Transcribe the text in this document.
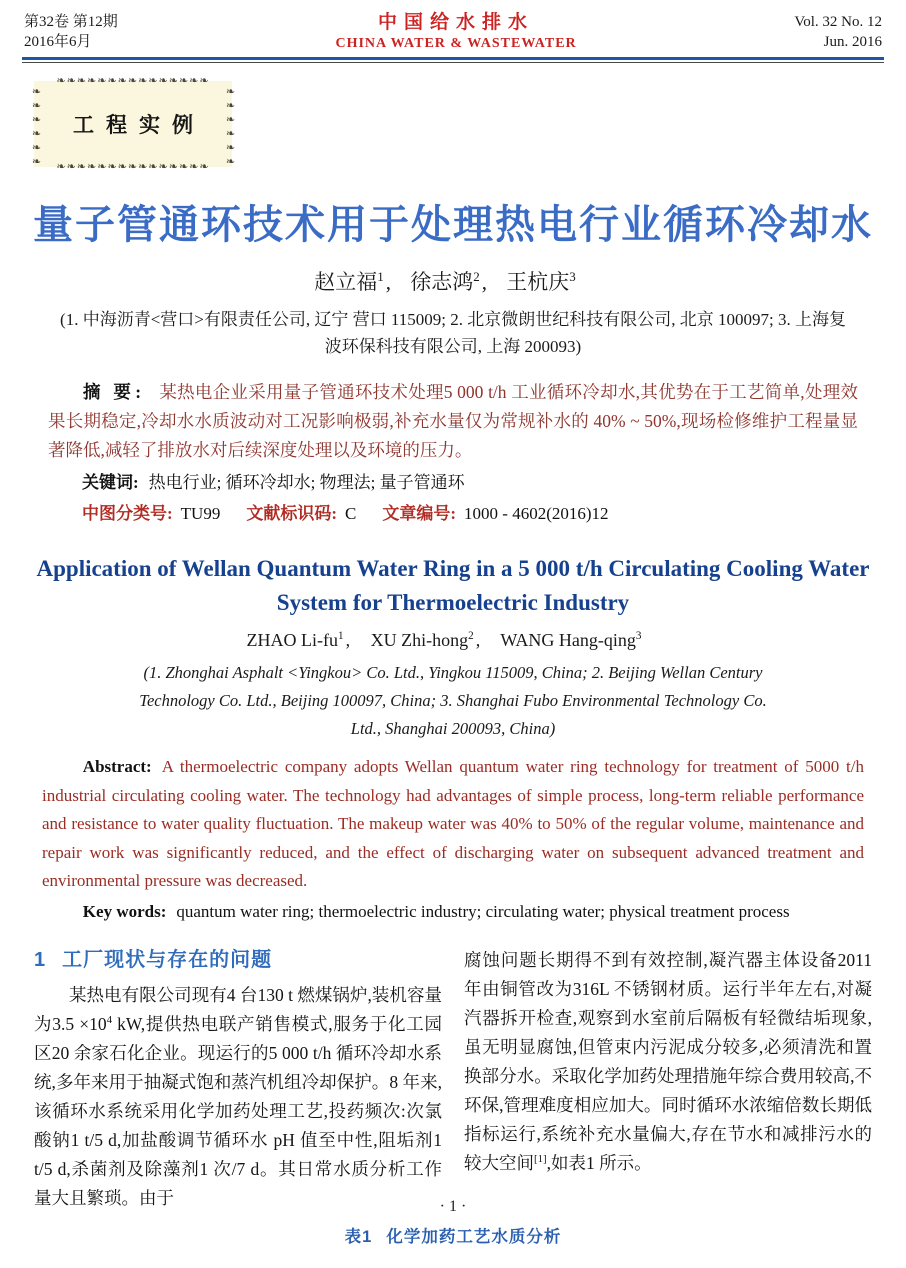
第32卷 第12期
2016年6月
中国给水排水
CHINA WATER & WASTEWATER
Vol. 32 No. 12
Jun. 2016
❧❧❧❧❧❧❧❧❧❧❧❧❧❧❧
❧❧❧❧❧❧❧❧❧❧❧❧❧❧❧
❧❧❧❧❧❧
❧❧❧❧❧❧
工程实例
量子管通环技术用于处理热电行业循环冷却水
赵立福$^1$, 徐志鸿$^2$, 王杭庆$^3$
(1. 中海沥青<营口>有限责任公司, 辽宁 营口 115009; 2. 北京微朗世纪科技有限公司, 北京 100097; 3. 上海复波环保科技有限公司, 上海 200093)

摘 要: 某热电企业采用量子管通环技术处理5 000 t/h 工业循环冷却水,其优势在于工艺简单,处理效果长期稳定,冷却水水质波动对工况影响极弱,补充水量仅为常规补水的 40% ~ 50%,现场检修维护工程量显著降低,减轻了排放水对后续深度处理以及环境的压力。

关键词: 热电行业; 循环冷却水; 物理法; 量子管通环

中图分类号: TU99 文献标识码: C 文章编号: 1000 - 4602(2016)12

Application of Wellan Quantum Water Ring in a 5 000 t/h Circulating Cooling Water System for Thermoelectric Industry
ZHAO $Li-fu^1$ , XU Zhi-hong$^2$ , WANG Hang-qing$^3$
(1. Zhonghai Asphalt <Yingkou> Co. Ltd., Yingkou 115009, China; 2. Beijing Wellan Century Technology Co. Ltd., Beijing 100097, China; 3. Shanghai Fubo Environmental Technology Co. Ltd., Shanghai 200093, China)

Abstract: A thermoelectric company adopts Wellan quantum water ring technology for treatment of 5000 t/h industrial circulating cooling water. The technology had advantages of simple process, long-term reliable performance and resistance to water quality fluctuation. The makeup water was 40% to 50% of the regular volume, maintenance and repair work was significantly reduced, and the effect of discharging water on subsequent advanced treatment and environmental pressure was decreased.

Key words: quantum water ring; thermoelectric industry; circulating water; physical treatment process

1 工厂现状与存在的问题

某热电有限公司现有4 台130 t 燃煤锅炉,装机容量为$3.5 \times 10^4$ kW,提供热电联产销售模式,服务于化工园区20 余家石化企业。现运行的5 000 t/h 循环冷却水系统,多年来用于抽凝式饱和蒸汽机组冷却保护。8 年来,该循环水系统采用化学加药处理工艺,投药频次:次氯酸钠1 t/5 d,加盐酸调节循环水 pH 值至中性,阻垢剂1 t/5 d,杀菌剂及除藻剂1 次/7 d。其日常水质分析工作量大且繁琐。由于

腐蚀问题长期得不到有效控制,凝汽器主体设备2011 年由铜管改为316L 不锈钢材质。运行半年左右,对凝汽器拆开检查,观察到水室前后隔板有轻微结垢现象,虽无明显腐蚀,但管束内污泥成分较多,必须清洗和置换部分水。采取化学加药处理措施年综合费用较高,不环保,管理难度相应加大。同时循环水浓缩倍数长期低指标运行,系统补充水量偏大,存在节水和减排污水的较大空间[1],如表1 所示。

表1 化学加药工艺水质分析
· 1 ·
